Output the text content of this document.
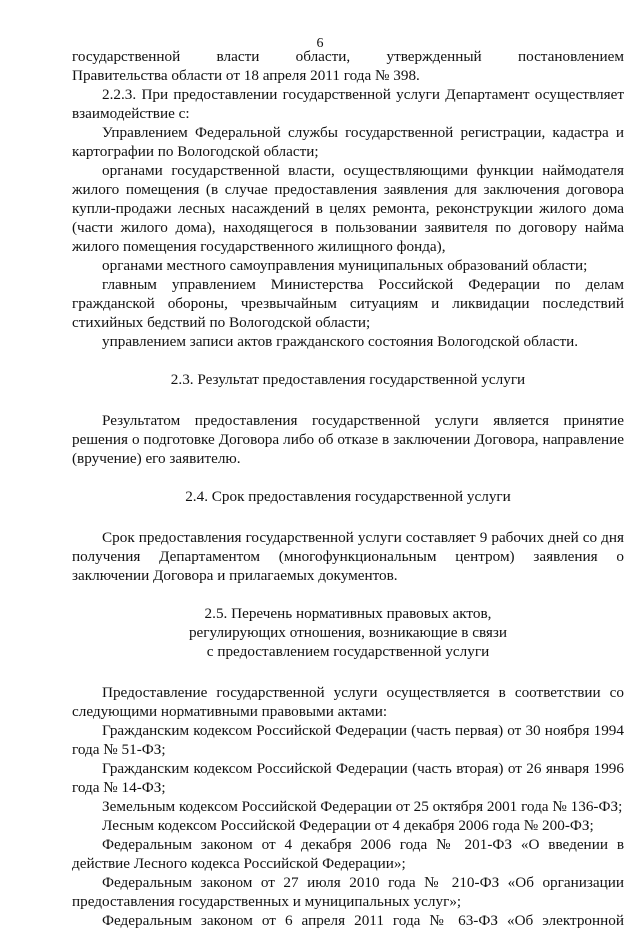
6

государственной власти области, утвержденный постановлением

Правительства области от 18 апреля 2011 года № 398.

2.2.3. При предоставлении государственной услуги Департамент осуществляет взаимодействие с:

Управлением Федеральной службы государственной регистрации, кадастра и картографии по Вологодской области;

органами государственной власти, осуществляющими функции наймодателя жилого помещения (в случае предоставления заявления для заключения договора купли-продажи лесных насаждений в целях ремонта, реконструкции жилого дома (части жилого дома), находящегося в пользовании заявителя по договору найма жилого помещения государственного жилищного фонда),

органами местного самоуправления муниципальных образований области;

главным управлением Министерства Российской Федерации по делам гражданской обороны, чрезвычайным ситуациям и ликвидации последствий стихийных бедствий по Вологодской области;

управлением записи актов гражданского состояния Вологодской области.

2.3. Результат предоставления государственной услуги

Результатом предоставления государственной услуги является принятие решения о подготовке Договора либо об отказе в заключении Договора, направление (вручение) его заявителю.

2.4. Срок предоставления государственной услуги

Срок предоставления государственной услуги составляет 9 рабочих дней со дня получения Департаментом (многофункциональным центром) заявления о заключении Договора и прилагаемых документов.

2.5. Перечень нормативных правовых актов,

регулирующих отношения, возникающие в связи

с предоставлением государственной услуги

Предоставление государственной услуги осуществляется в соответствии со следующими нормативными правовыми актами:

Гражданским кодексом Российской Федерации (часть первая) от 30 ноября 1994 года № 51-ФЗ;

Гражданским кодексом Российской Федерации (часть вторая) от 26 января 1996 года № 14-ФЗ;

Земельным кодексом Российской Федерации от 25 октября 2001 года № 136-ФЗ;

Лесным кодексом Российской Федерации от 4 декабря 2006 года № 200-ФЗ;

Федеральным законом от 4 декабря 2006 года № 201-ФЗ «О введении в действие Лесного кодекса Российской Федерации»;

Федеральным законом от 27 июля 2010 года № 210-ФЗ «Об организации предоставления государственных и муниципальных услуг»;

Федеральным законом от 6 апреля 2011 года № 63-ФЗ «Об электронной
